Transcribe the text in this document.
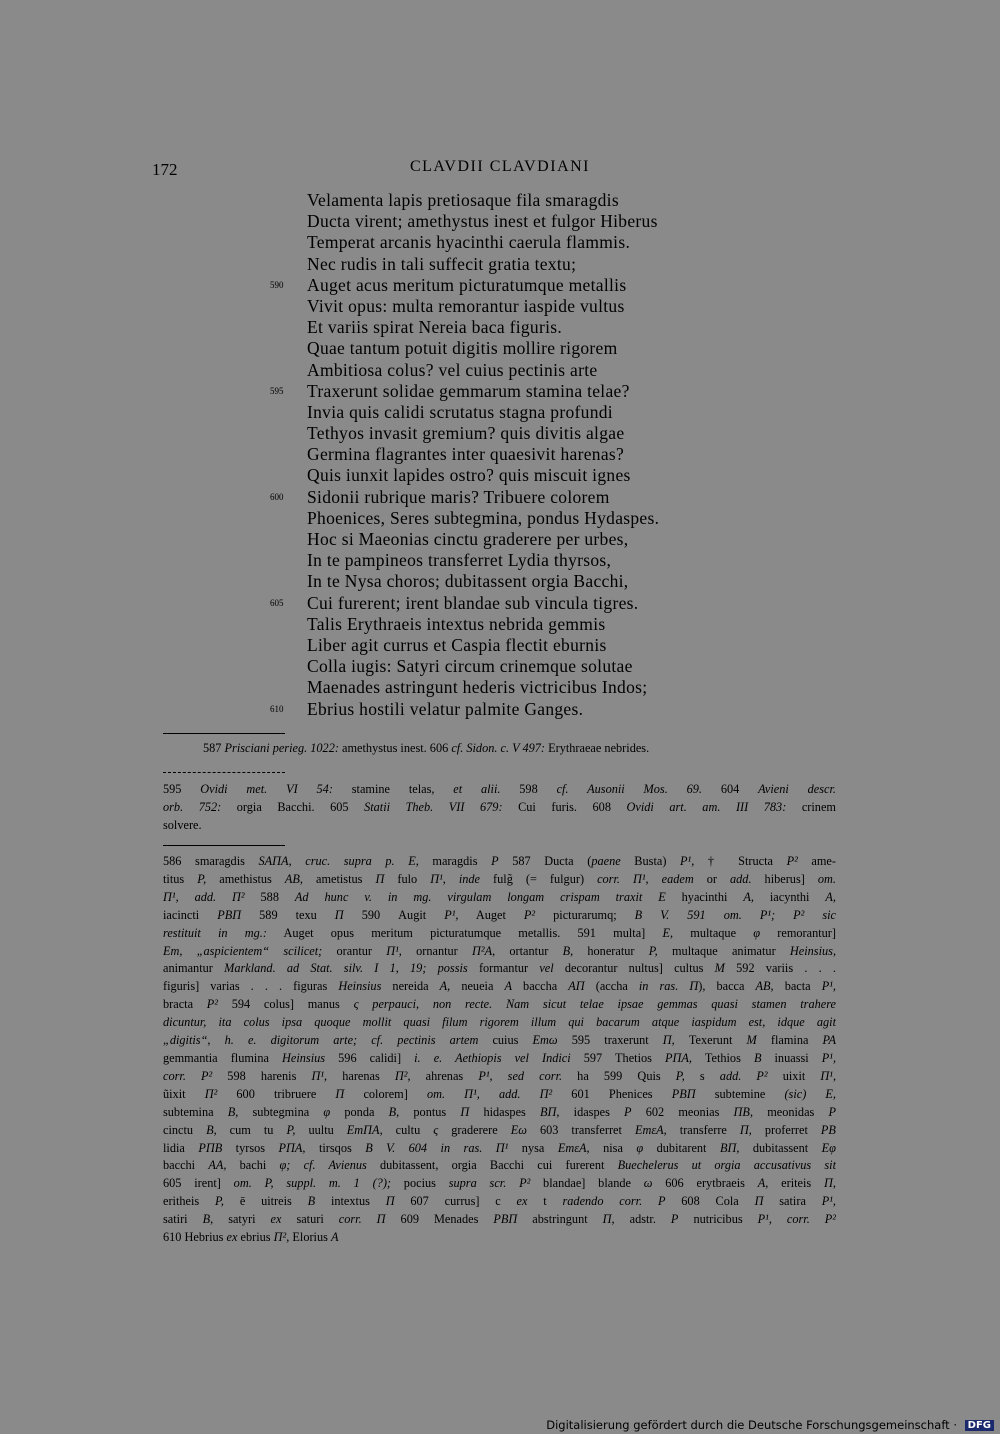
172	CLAVDII CLAVDIANI
Velamenta lapis pretiosaque fila smaragdis
Ducta virent; amethystus inest et fulgor Hiberus
Temperat arcanis hyacinthi caerula flammis.
Nec rudis in tali suffecit gratia textu;
590 Auget acus meritum picturatumque metallis
Vivit opus: multa remorantur iaspide vultus
Et variis spirat Nereia baca figuris.
Quae tantum potuit digitis mollire rigorem
Ambitiosa colus? vel cuius pectinis arte
595 Traxerunt solidae gemmarum stamina telae?
Invia quis calidi scrutatus stagna profundi
Tethyos invasit gremium? quis divitis algae
Germina flagrantes inter quaesivit harenas?
Quis iunxit lapides ostro? quis miscuit ignes
600 Sidonii rubrique maris? Tribuere colorem
Phoenices, Seres subtegmina, pondus Hydaspes.
Hoc si Maeonias cinctu graderere per urbes,
In te pampineos transferret Lydia thyrsos,
In te Nysa choros; dubitassent orgia Bacchi,
605 Cui furerent; irent blandae sub vincula tigres.
Talis Erythraeis intextus nebrida gemmis
Liber agit currus et Caspia flectit eburnis
Colla iugis: Satyri circum crinemque solutae
Maenades astringunt hederis victricibus Indos;
610 Ebrius hostili velatur palmite Ganges.
587 Prisciani perieg. 1022: amethystus inest. 606 cf. Sidon. c. V 497: Erythraeae nebrides.
595 Ovidi met. VI 54: stamine telas, et alii. 598 cf. Ausonii Mos. 69. 604 Avieni descr.
orb. 752: orgia Bacchi. 605 Statii Theb. VII 679: Cui furis. 608 Ovidi art. am. III 783: crinem
solvere.
586 smaragdis SAΠA, cruc. supra p. E, maragdis P 587 Ducta (paene Busta) P¹, † Structa P² ame-
titus P, amethistus AB, ametistus Π fulo Π¹, inde fulg̃ (= fulgur) corr. Π¹, eadem or add. hiberus] om.
Π¹, add. Π² 588 Ad hunc v. in mg. virgulam longam crispam traxit E hyacinthi A, iacynthi A,
iacincti PBΠ 589 texu Π 590 Augit P¹, Auget P² picturarumq; B V. 591 om. P¹; P² sic
restituit in mg.: Auget opus meritum picturatumque metallis. 591 multa] E, multaque φ remorantur]
Em, „aspicientem“ scilicet; orantur Π¹, ornantur Π²A, ortantur B, honeratur P, multaque animatur Heinsius,
animantur Markland. ad Stat. silv. I 1, 19; possis formantur vel decorantur nultus] cultus M 592 variis . . .
figuris] varias . . . figuras Heinsius nereida A, neueia A baccha AΠ (accha in ras. Π), bacca AB, bacta P¹,
bracta P² 594 colus] manus ς perpauci, non recte. Nam sicut telae ipsae gemmas quasi stamen trahere
dicuntur, ita colus ipsa quoque mollit quasi filum rigorem illum qui bacarum atque iaspidum est, idque agit
„digitis“, h. e. digitorum arte; cf. pectinis artem cuius Emω 595 traxerunt Π, Texerunt M flamina PA
gemmantia flumina Heinsius 596 calidi] i. e. Aethiopis vel Indici 597 Thetios PΠA, Tethios B inuassi P¹,
corr. P² 598 harenis Π¹, harenas Π², ahrenas P¹, sed corr. ha 599 Quis P, s add. P² uixit Π¹,
ũixit Π² 600 tribruere Π colorem] om. Π¹, add. Π² 601 Phenices PBΠ subtemine (sic) E,
subtemina B, subtegmina φ ponda B, pontus Π hidaspes BΠ, idaspes P 602 meonias ΠB, meonidas P
cinctu B, cum tu P, uultu EmΠA, cultu ς graderere Eω 603 transferret EmεA, transferre Π, proferret PB
lidia PΠB tyrsos PΠA, tirsqos B V. 604 in ras. Π¹ nysa EmεA, nisa φ dubitarent BΠ, dubitassent Eφ
bacchi AA, bachi φ; cf. Avienus dubitassent, orgia Bacchi cui furerent Buechelerus ut orgia accusativus sit
605 irent] om. P, suppl. m. 1 (?); pocius supra scr. P² blandae] blande ω 606 erytbraeis A, eriteis Π,
eritheis P, ē uitreis B intextus Π 607 currus] c ex t radendo corr. P 608 Cola Π satira P¹,
satiri B, satyri ex saturi corr. Π 609 Menades PBΠ abstringunt Π, adstr. P nutricibus P¹, corr. P²
610 Hebrius ex ebrius Π², Elorius A
Digitalisierung gefördert durch die Deutsche Forschungsgemeinschaft · DFG
